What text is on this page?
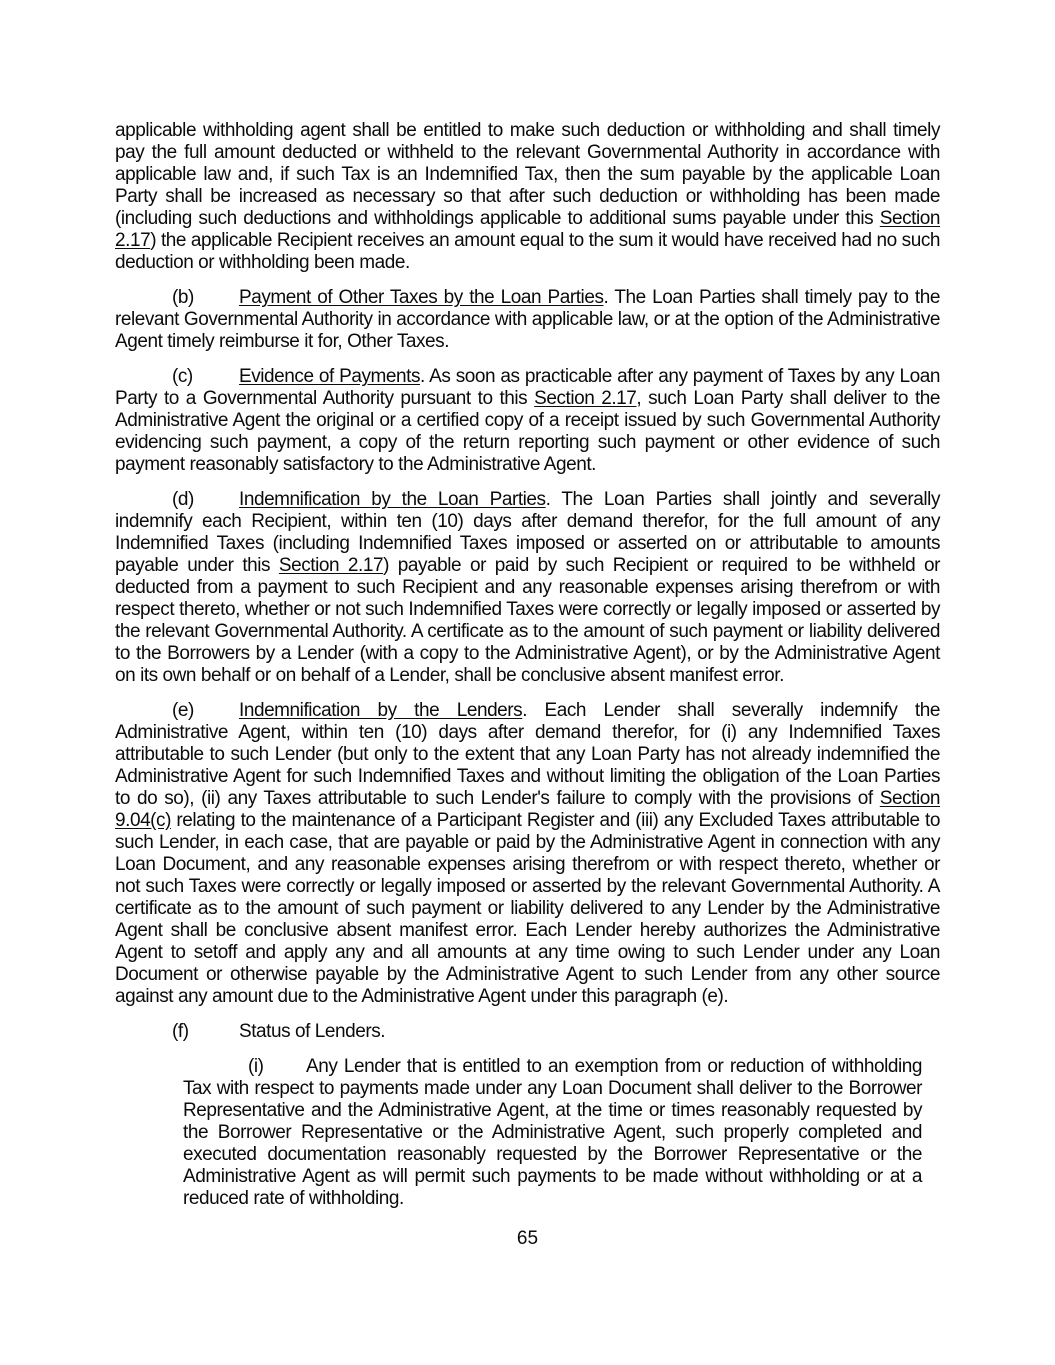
applicable withholding agent shall be entitled to make such deduction or withholding and shall timely pay the full amount deducted or withheld to the relevant Governmental Authority in accordance with applicable law and, if such Tax is an Indemnified Tax, then the sum payable by the applicable Loan Party shall be increased as necessary so that after such deduction or withholding has been made (including such deductions and withholdings applicable to additional sums payable under this Section 2.17) the applicable Recipient receives an amount equal to the sum it would have received had no such deduction or withholding been made.

(b) Payment of Other Taxes by the Loan Parties. The Loan Parties shall timely pay to the relevant Governmental Authority in accordance with applicable law, or at the option of the Administrative Agent timely reimburse it for, Other Taxes.

(c) Evidence of Payments. As soon as practicable after any payment of Taxes by any Loan Party to a Governmental Authority pursuant to this Section 2.17, such Loan Party shall deliver to the Administrative Agent the original or a certified copy of a receipt issued by such Governmental Authority evidencing such payment, a copy of the return reporting such payment or other evidence of such payment reasonably satisfactory to the Administrative Agent.

(d) Indemnification by the Loan Parties. The Loan Parties shall jointly and severally indemnify each Recipient, within ten (10) days after demand therefor, for the full amount of any Indemnified Taxes (including Indemnified Taxes imposed or asserted on or attributable to amounts payable under this Section 2.17) payable or paid by such Recipient or required to be withheld or deducted from a payment to such Recipient and any reasonable expenses arising therefrom or with respect thereto, whether or not such Indemnified Taxes were correctly or legally imposed or asserted by the relevant Governmental Authority. A certificate as to the amount of such payment or liability delivered to the Borrowers by a Lender (with a copy to the Administrative Agent), or by the Administrative Agent on its own behalf or on behalf of a Lender, shall be conclusive absent manifest error.

(e) Indemnification by the Lenders. Each Lender shall severally indemnify the Administrative Agent, within ten (10) days after demand therefor, for (i) any Indemnified Taxes attributable to such Lender (but only to the extent that any Loan Party has not already indemnified the Administrative Agent for such Indemnified Taxes and without limiting the obligation of the Loan Parties to do so), (ii) any Taxes attributable to such Lender's failure to comply with the provisions of Section 9.04(c) relating to the maintenance of a Participant Register and (iii) any Excluded Taxes attributable to such Lender, in each case, that are payable or paid by the Administrative Agent in connection with any Loan Document, and any reasonable expenses arising therefrom or with respect thereto, whether or not such Taxes were correctly or legally imposed or asserted by the relevant Governmental Authority. A certificate as to the amount of such payment or liability delivered to any Lender by the Administrative Agent shall be conclusive absent manifest error. Each Lender hereby authorizes the Administrative Agent to setoff and apply any and all amounts at any time owing to such Lender under any Loan Document or otherwise payable by the Administrative Agent to such Lender from any other source against any amount due to the Administrative Agent under this paragraph (e).

(f)	Status of Lenders.

(i) Any Lender that is entitled to an exemption from or reduction of withholding Tax with respect to payments made under any Loan Document shall deliver to the Borrower Representative and the Administrative Agent, at the time or times reasonably requested by the Borrower Representative or the Administrative Agent, such properly completed and executed documentation reasonably requested by the Borrower Representative or the Administrative Agent as will permit such payments to be made without withholding or at a reduced rate of withholding.

65
